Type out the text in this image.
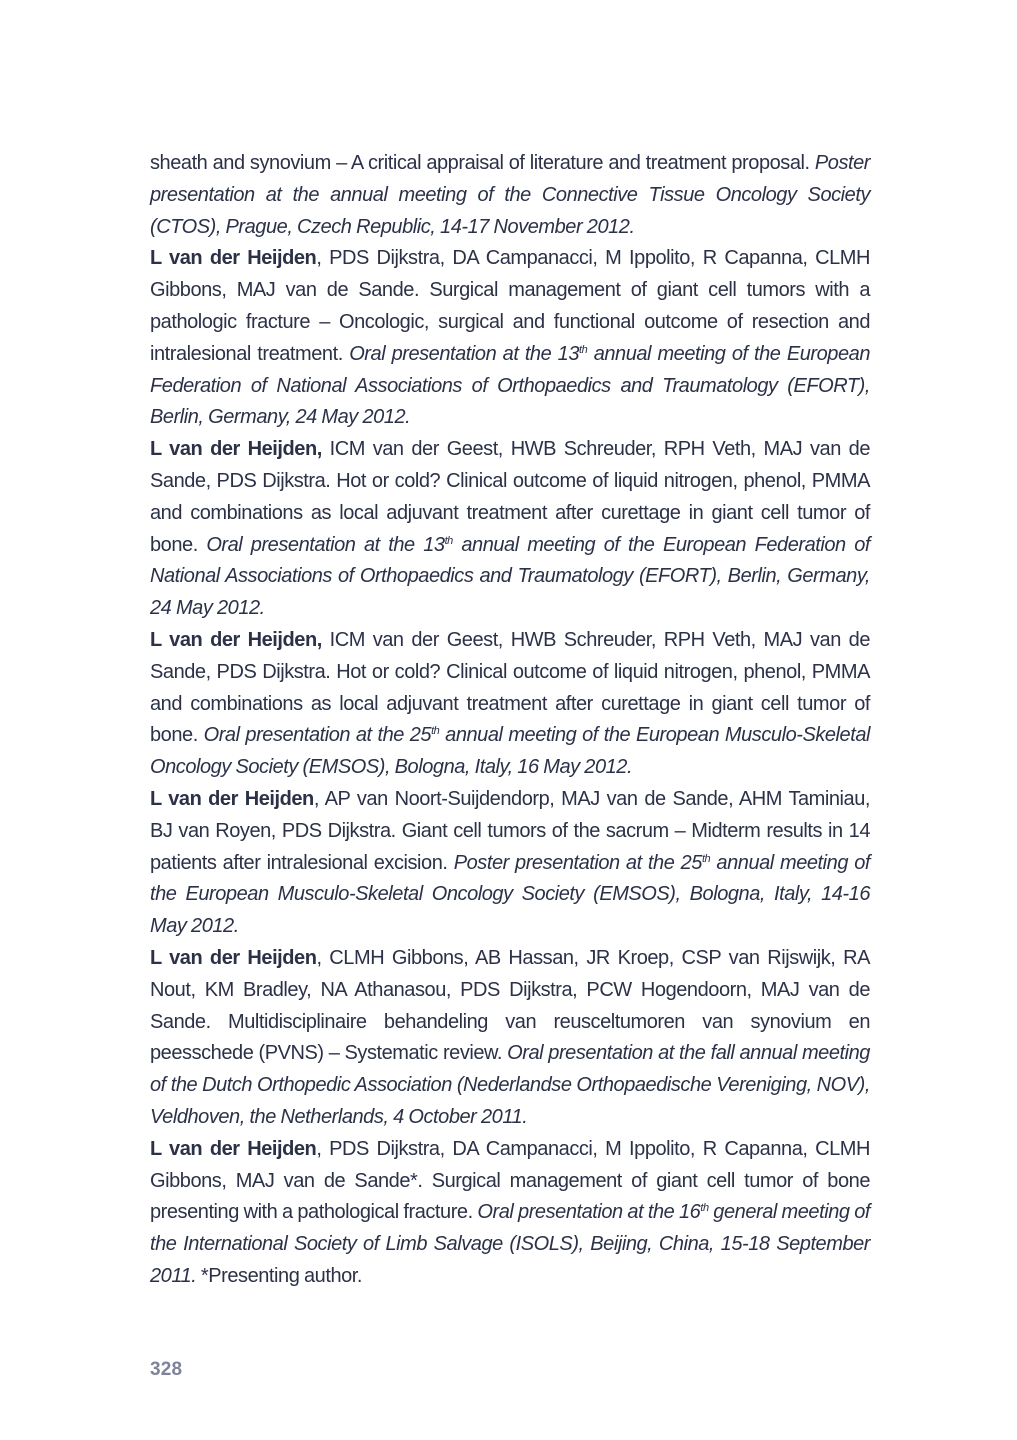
sheath and synovium – A critical appraisal of literature and treatment proposal. Poster presentation at the annual meeting of the Connective Tissue Oncology Society (CTOS), Prague, Czech Republic, 14-17 November 2012.

L van der Heijden, PDS Dijkstra, DA Campanacci, M Ippolito, R Capanna, CLMH Gibbons, MAJ van de Sande. Surgical management of giant cell tumors with a pathologic fracture – Oncologic, surgical and functional outcome of resection and intralesional treatment. Oral presentation at the 13th annual meeting of the European Federation of National Associations of Orthopaedics and Traumatology (EFORT), Berlin, Germany, 24 May 2012.

L van der Heijden, ICM van der Geest, HWB Schreuder, RPH Veth, MAJ van de Sande, PDS Dijkstra. Hot or cold? Clinical outcome of liquid nitrogen, phenol, PMMA and combinations as local adjuvant treatment after curettage in giant cell tumor of bone. Oral presentation at the 13th annual meeting of the European Federation of National Associations of Orthopaedics and Traumatology (EFORT), Berlin, Germany, 24 May 2012.

L van der Heijden, ICM van der Geest, HWB Schreuder, RPH Veth, MAJ van de Sande, PDS Dijkstra. Hot or cold? Clinical outcome of liquid nitrogen, phenol, PMMA and combinations as local adjuvant treatment after curettage in giant cell tumor of bone. Oral presentation at the 25th annual meeting of the European Musculo-Skeletal Oncology Society (EMSOS), Bologna, Italy, 16 May 2012.

L van der Heijden, AP van Noort-Suijdendorp, MAJ van de Sande, AHM Taminiau, BJ van Royen, PDS Dijkstra. Giant cell tumors of the sacrum – Midterm results in 14 patients after intralesional excision. Poster presentation at the 25th annual meeting of the European Musculo-Skeletal Oncology Society (EMSOS), Bologna, Italy, 14-16 May 2012.

L van der Heijden, CLMH Gibbons, AB Hassan, JR Kroep, CSP van Rijswijk, RA Nout, KM Bradley, NA Athanasou, PDS Dijkstra, PCW Hogendoorn, MAJ van de Sande. Multidisciplinaire behandeling van reusceltumoren van synovium en peesschede (PVNS) – Systematic review. Oral presentation at the fall annual meeting of the Dutch Orthopedic Association (Nederlandse Orthopaedische Vereniging, NOV), Veldhoven, the Netherlands, 4 October 2011.

L van der Heijden, PDS Dijkstra, DA Campanacci, M Ippolito, R Capanna, CLMH Gibbons, MAJ van de Sande*. Surgical management of giant cell tumor of bone presenting with a pathological fracture. Oral presentation at the 16th general meeting of the International Society of Limb Salvage (ISOLS), Beijing, China, 15-18 September 2011. *Presenting author.

328
